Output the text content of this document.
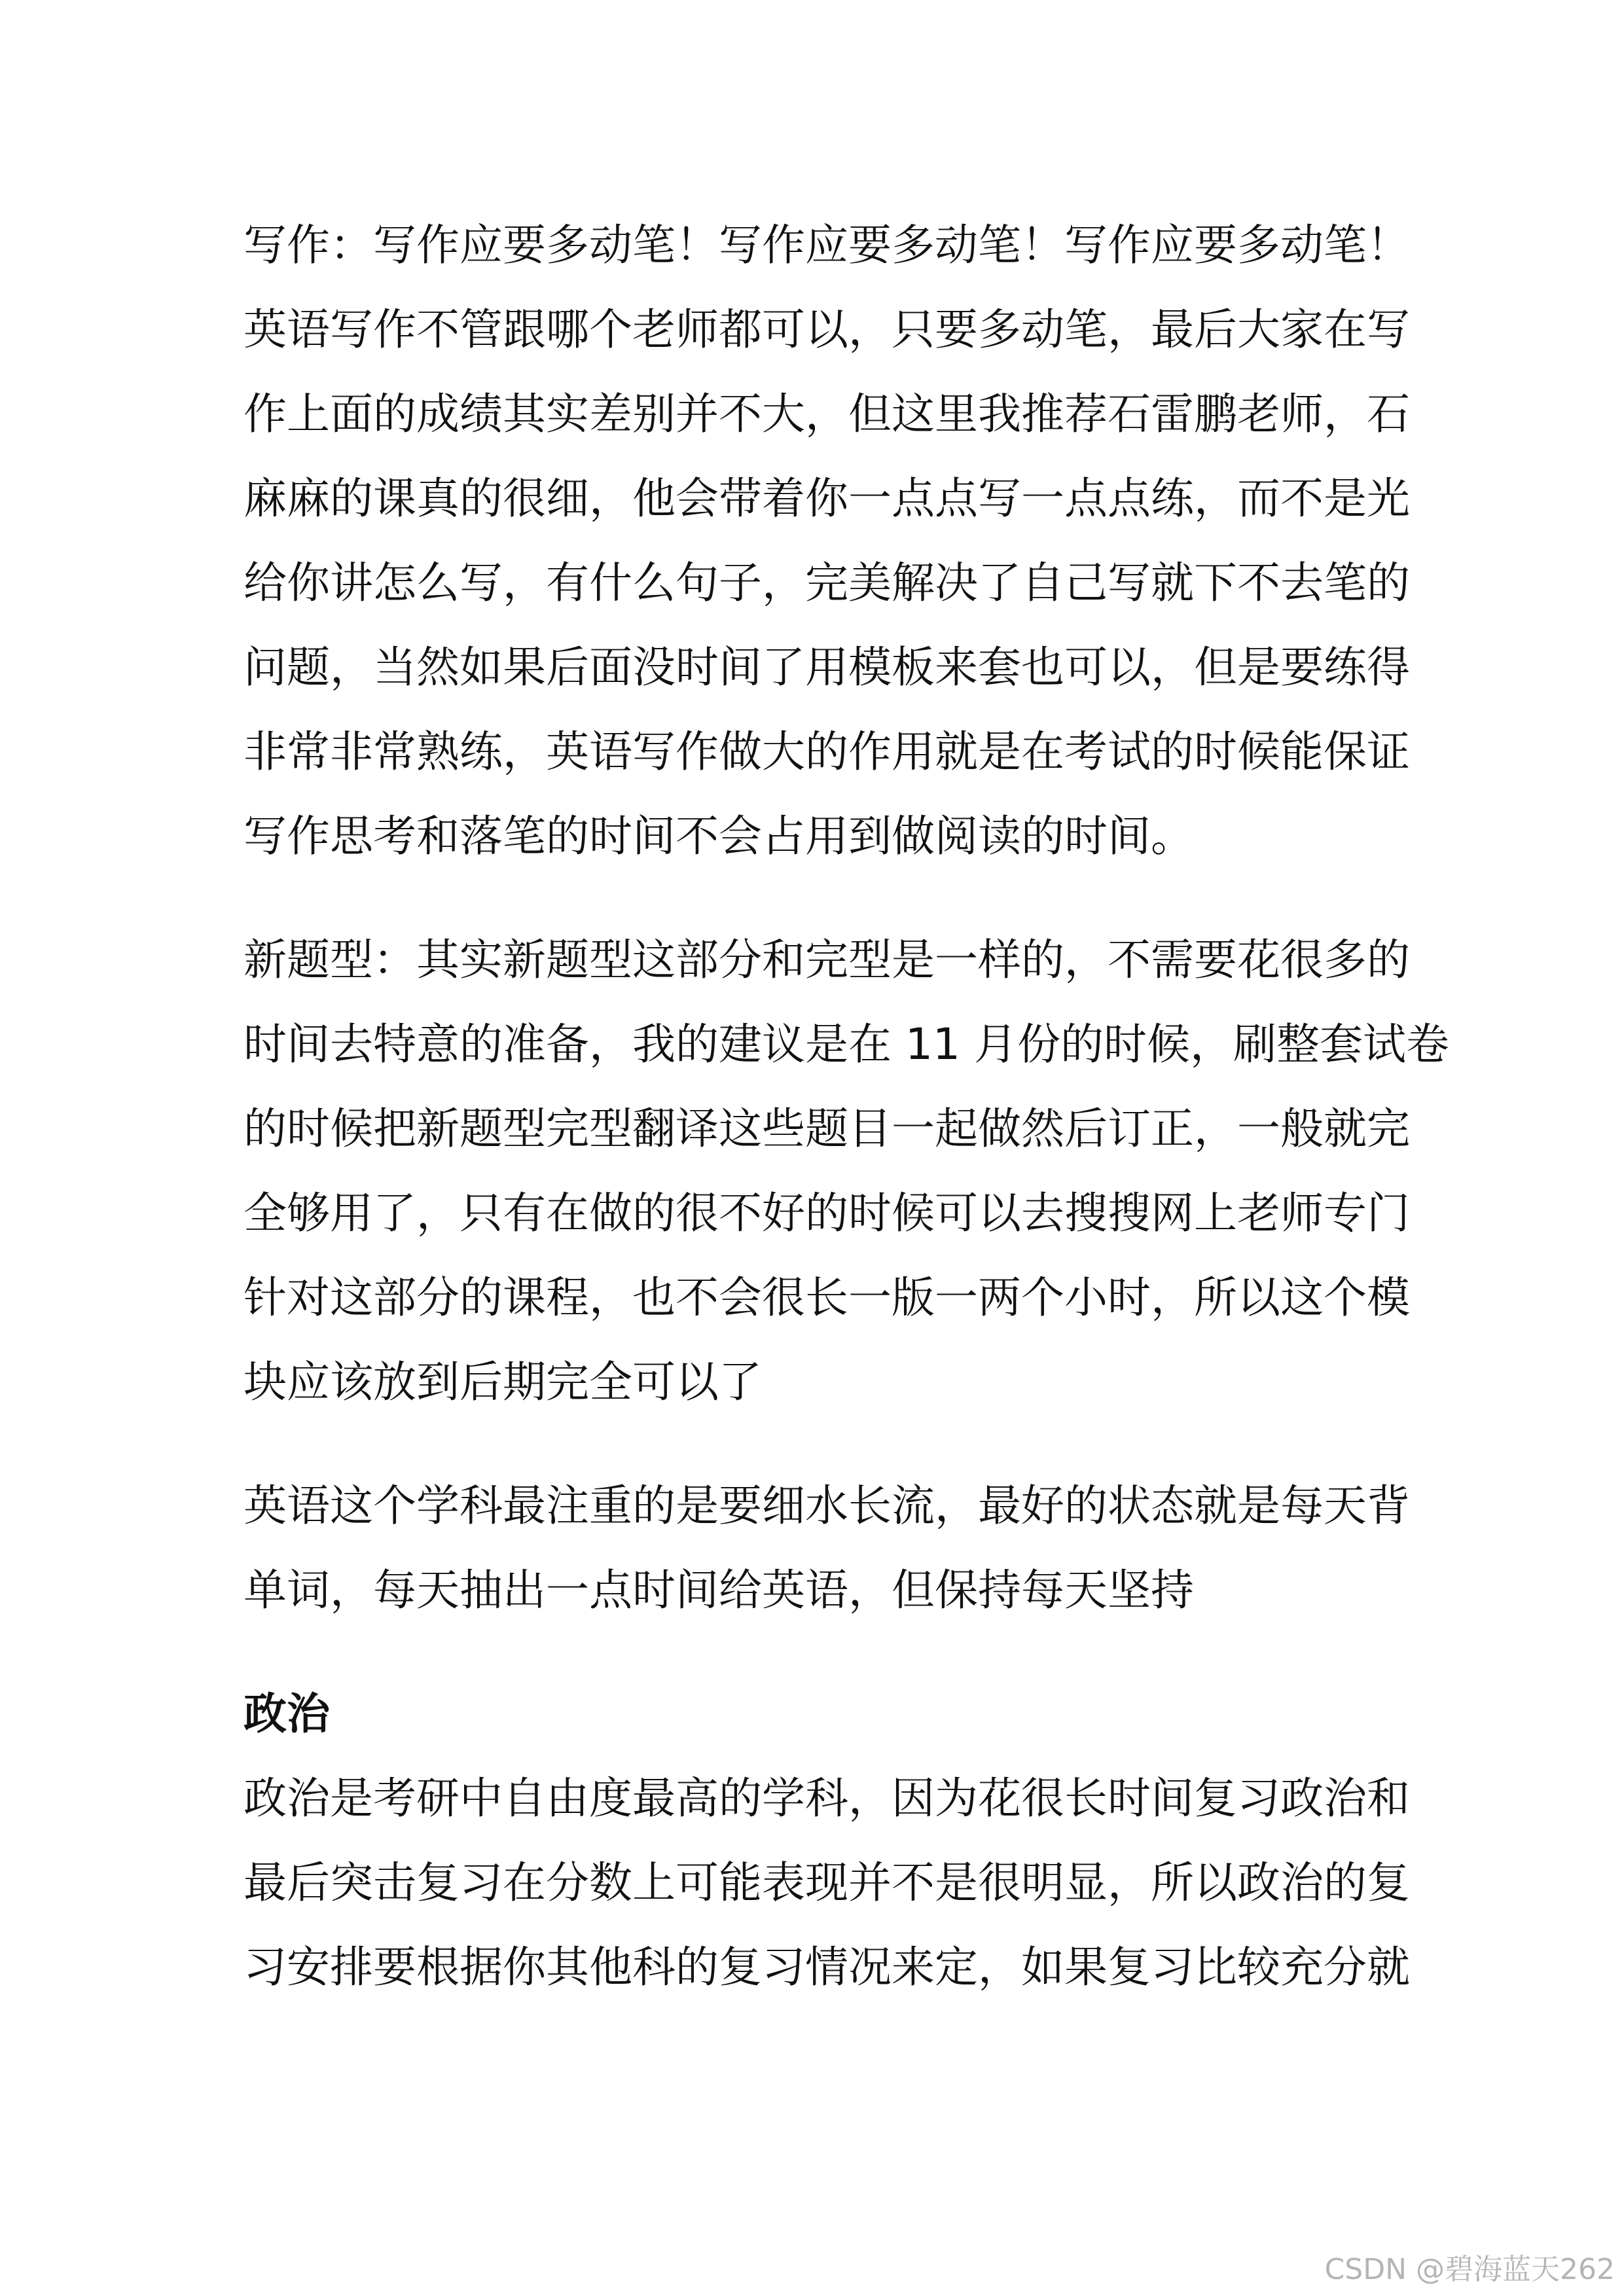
写作：写作应要多动笔！写作应要多动笔！写作应要多动笔！
英语写作不管跟哪个老师都可以，只要多动笔，最后大家在写
作上面的成绩其实差别并不大，但这里我推荐石雷鹏老师，石
麻麻的课真的很细，他会带着你一点点写一点点练，而不是光
给你讲怎么写，有什么句子，完美解决了自己写就下不去笔的
问题，当然如果后面没时间了用模板来套也可以，但是要练得
非常非常熟练，英语写作做大的作用就是在考试的时候能保证
写作思考和落笔的时间不会占用到做阅读的时间。

新题型：其实新题型这部分和完型是一样的，不需要花很多的
时间去特意的准备，我的建议是在 11 月份的时候，刷整套试卷
的时候把新题型完型翻译这些题目一起做然后订正，一般就完
全够用了，只有在做的很不好的时候可以去搜搜网上老师专门
针对这部分的课程，也不会很长一版一两个小时，所以这个模
块应该放到后期完全可以了

英语这个学科最注重的是要细水长流，最好的状态就是每天背
单词，每天抽出一点时间给英语，但保持每天坚持

政治

政治是考研中自由度最高的学科，因为花很长时间复习政治和
最后突击复习在分数上可能表现并不是很明显，所以政治的复
习安排要根据你其他科的复习情况来定，如果复习比较充分就

CSDN @碧海蓝天262
